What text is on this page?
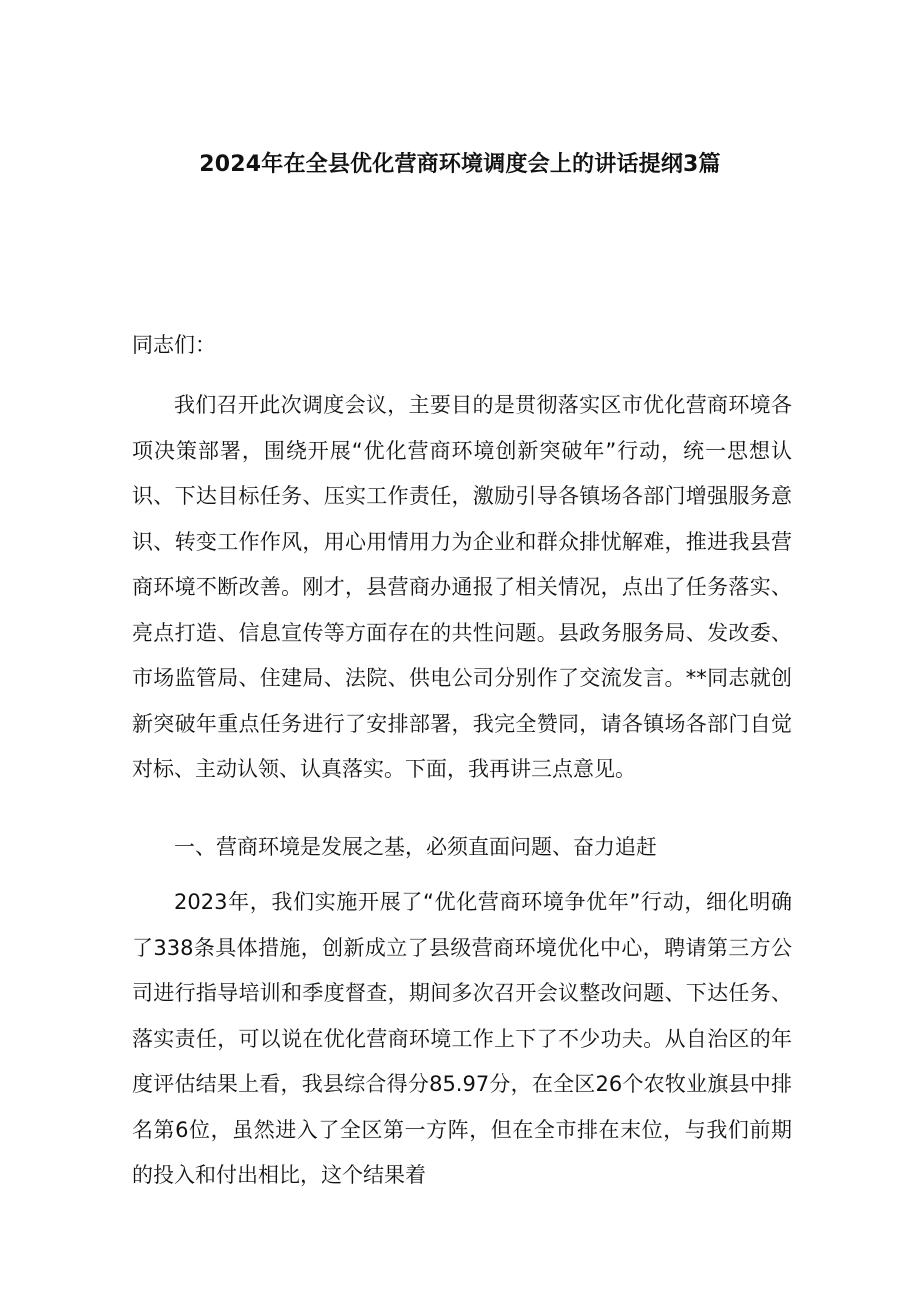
2024年在全县优化营商环境调度会上的讲话提纲3篇
同志们：

我们召开此次调度会议，主要目的是贯彻落实区市优化营商环境各项决策部署，围绕开展“优化营商环境创新突破年”行动，统一思想认识、下达目标任务、压实工作责任，激励引导各镇场各部门增强服务意识、转变工作作风，用心用情用力为企业和群众排忧解难，推进我县营商环境不断改善。刚才，县营商办通报了相关情况，点出了任务落实、亮点打造、信息宣传等方面存在的共性问题。县政务服务局、发改委、市场监管局、住建局、法院、供电公司分别作了交流发言。**同志就创新突破年重点任务进行了安排部署，我完全赞同，请各镇场各部门自觉对标、主动认领、认真落实。下面，我再讲三点意见。

一、营商环境是发展之基，必须直面问题、奋力追赶

2023年，我们实施开展了“优化营商环境争优年”行动，细化明确了338条具体措施，创新成立了县级营商环境优化中心，聘请第三方公司进行指导培训和季度督查，期间多次召开会议整改问题、下达任务、落实责任，可以说在优化营商环境工作上下了不少功夫。从自治区的年度评估结果上看，我县综合得分85.97分，在全区26个农牧业旗县中排名第6位，虽然进入了全区第一方阵，但在全市排在末位，与我们前期的投入和付出相比，这个结果着
